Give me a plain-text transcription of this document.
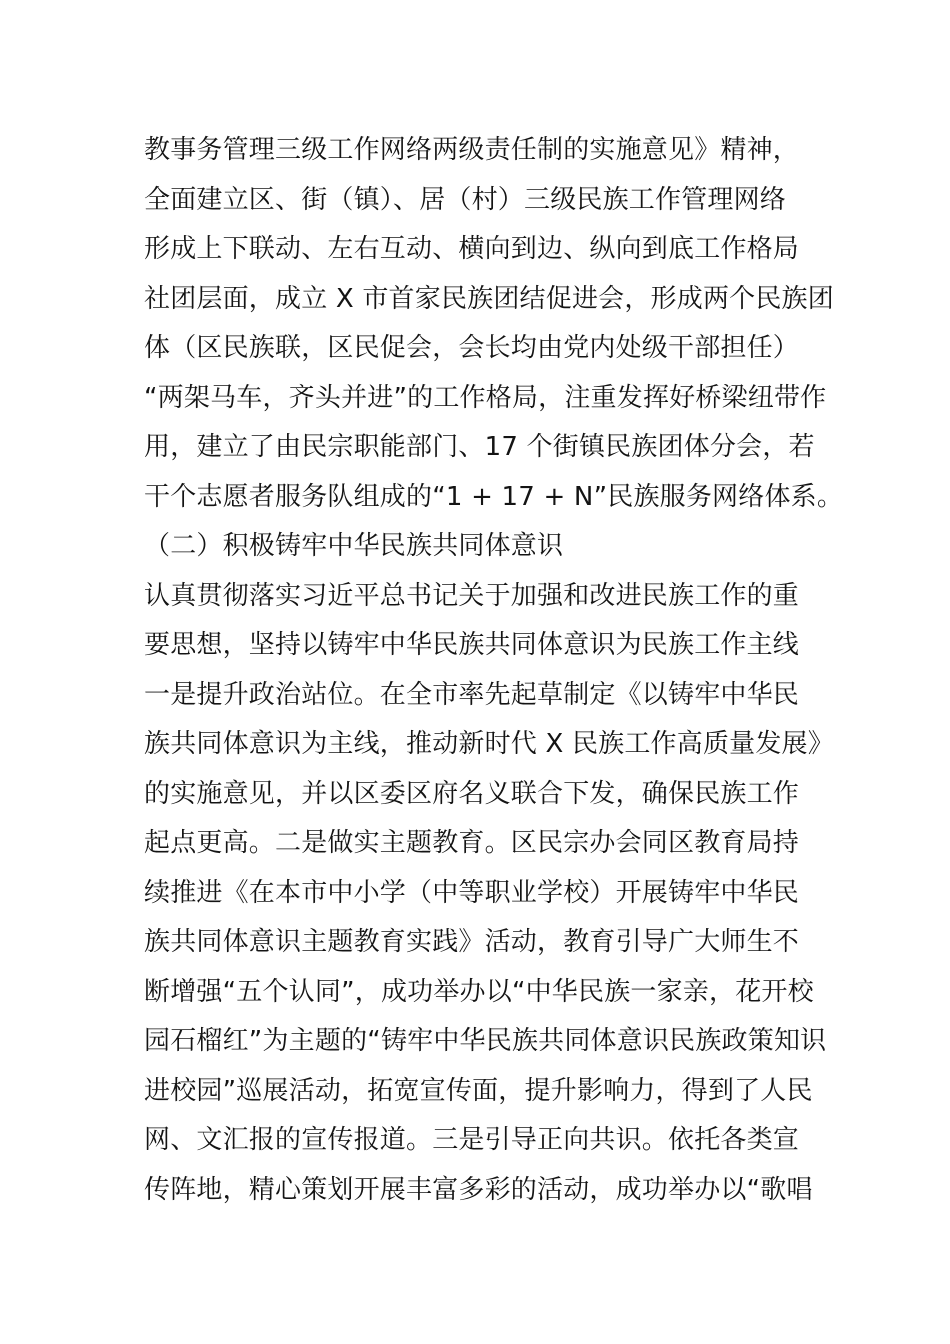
教事务管理三级工作网络两级责任制的实施意见》精神，
全面建立区、街（镇）、居（村）三级民族工作管理网络
形成上下联动、左右互动、横向到边、纵向到底工作格局
社团层面，成立 X 市首家民族团结促进会，形成两个民族团
体（区民族联，区民促会，会长均由党内处级干部担任）
“两架马车，齐头并进”的工作格局，注重发挥好桥梁纽带作
用，建立了由民宗职能部门、17 个街镇民族团体分会，若
干个志愿者服务队组成的“1 + 17 + N”民族服务网络体系。
（二）积极铸牢中华民族共同体意识
认真贯彻落实习近平总书记关于加强和改进民族工作的重
要思想，坚持以铸牢中华民族共同体意识为民族工作主线
一是提升政治站位。在全市率先起草制定《以铸牢中华民
族共同体意识为主线，推动新时代 X 民族工作高质量发展》
的实施意见，并以区委区府名义联合下发，确保民族工作
起点更高。二是做实主题教育。区民宗办会同区教育局持
续推进《在本市中小学（中等职业学校）开展铸牢中华民
族共同体意识主题教育实践》活动，教育引导广大师生不
断增强“五个认同”，成功举办以“中华民族一家亲，花开校
园石榴红”为主题的“铸牢中华民族共同体意识民族政策知识
进校园”巡展活动，拓宽宣传面，提升影响力，得到了人民
网、文汇报的宣传报道。三是引导正向共识。依托各类宣
传阵地，精心策划开展丰富多彩的活动，成功举办以“歌唱
